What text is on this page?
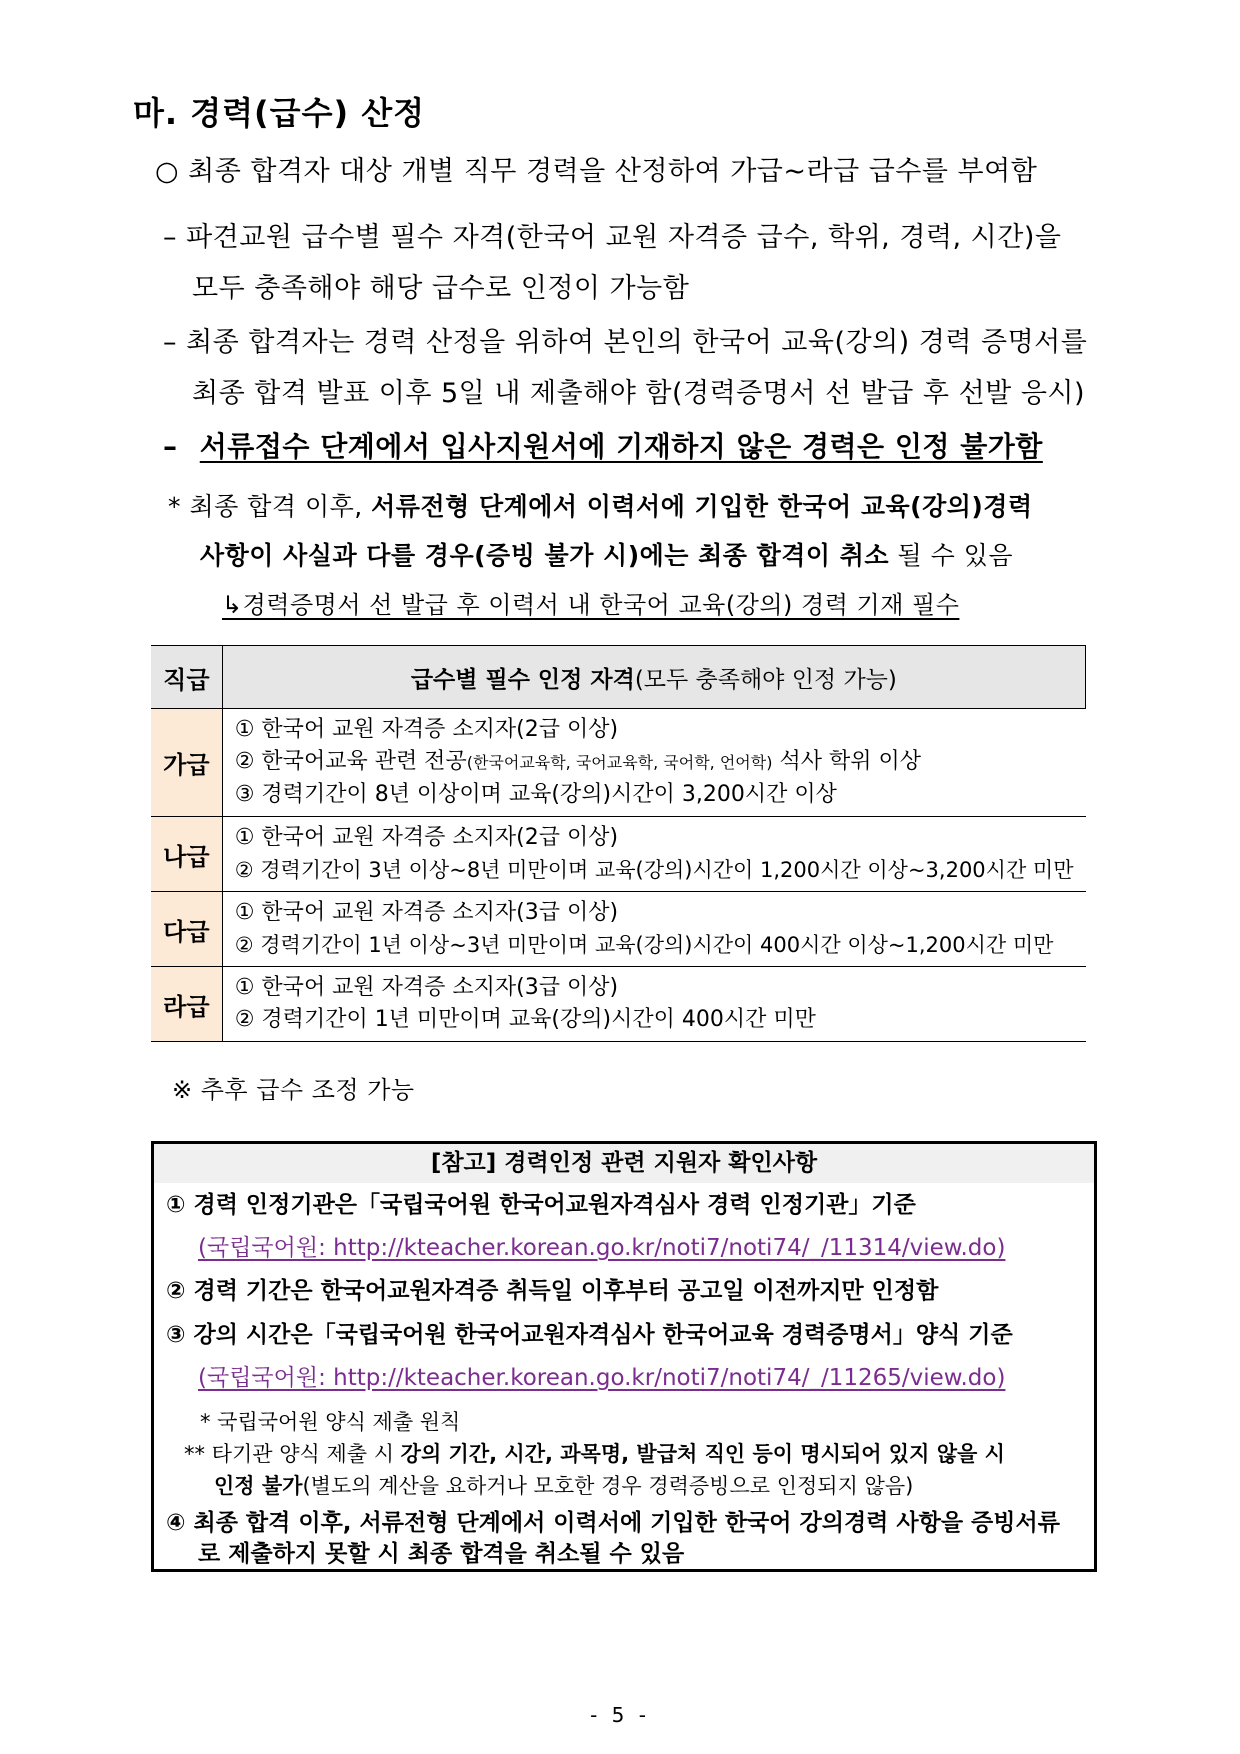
마. 경력(급수) 산정
○ 최종 합격자 대상 개별 직무 경력을 산정하여 가급~라급 급수를 부여함
– 파견교원 급수별 필수 자격(한국어 교원 자격증 급수, 학위, 경력, 시간)을
모두 충족해야 해당 급수로 인정이 가능함
– 최종 합격자는 경력 산정을 위하여 본인의 한국어 교육(강의) 경력 증명서를
최종 합격 발표 이후 5일 내 제출해야 함(경력증명서 선 발급 후 선발 응시)
– 서류접수 단계에서 입사지원서에 기재하지 않은 경력은 인정 불가함
* 최종 합격 이후, 서류전형 단계에서 이력서에 기입한 한국어 교육(강의)경력
사항이 사실과 다를 경우(증빙 불가 시)에는 최종 합격이 취소 될 수 있음
↳경력증명서 선 발급 후 이력서 내 한국어 교육(강의) 경력 기재 필수
직급	급수별 필수 인정 자격(모두 충족해야 인정 가능)
가급	① 한국어 교원 자격증 소지자(2급 이상)
② 한국어교육 관련 전공(한국어교육학, 국어교육학, 국어학, 언어학) 석사 학위 이상
③ 경력기간이 8년 이상이며 교육(강의)시간이 3,200시간 이상

나급	① 한국어 교원 자격증 소지자(2급 이상)
② 경력기간이 3년 이상~8년 미만이며 교육(강의)시간이 1,200시간 이상~3,200시간 미만

다급	① 한국어 교원 자격증 소지자(3급 이상)
② 경력기간이 1년 이상~3년 미만이며 교육(강의)시간이 400시간 이상~1,200시간 미만

라급	① 한국어 교원 자격증 소지자(3급 이상)
② 경력기간이 1년 미만이며 교육(강의)시간이 400시간 미만
※ 추후 급수 조정 가능
[참고] 경력인정 관련 지원자 확인사항
① 경력 인정기관은「국립국어원 한국어교원자격심사 경력 인정기관」기준
(국립국어원: http://kteacher.korean.go.kr/noti7/noti74/_/11314/view.do)
② 경력 기간은 한국어교원자격증 취득일 이후부터 공고일 이전까지만 인정함
③ 강의 시간은「국립국어원 한국어교원자격심사 한국어교육 경력증명서」양식 기준
(국립국어원: http://kteacher.korean.go.kr/noti7/noti74/_/11265/view.do)
* 국립국어원 양식 제출 원칙
** 타기관 양식 제출 시 강의 기간, 시간, 과목명, 발급처 직인 등이 명시되어 있지 않을 시
인정 불가(별도의 계산을 요하거나 모호한 경우 경력증빙으로 인정되지 않음)
④ 최종 합격 이후, 서류전형 단계에서 이력서에 기입한 한국어 강의경력 사항을 증빙서류
로 제출하지 못할 시 최종 합격을 취소될 수 있음
- 5 -
